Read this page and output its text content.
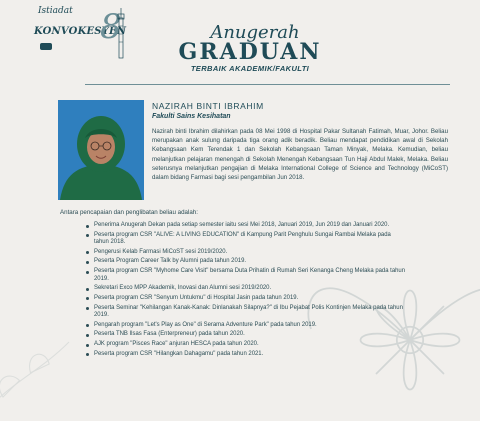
Istiadat
KONVOKESYEN
8	Anugerah
GRADUAN
TERBAIK AKADEMIK/FAKULTI
NAZIRAH BINTI IBRAHIM
Fakulti Sains Kesihatan
Nazirah binti Ibrahim dilahirkan pada 08 Mei 1998 di Hospital Pakar Sultanah Fatimah, Muar, Johor. Beliau merupakan anak sulung daripada tiga orang adik beradik. Beliau mendapat pendidikan awal di Sekolah Kebangsaan Kem Terendak 1 dan Sekolah Kebangsaan Taman Minyak, Melaka. Kemudian, beliau melanjutkan pelajaran menengah di Sekolah Menengah Kebangsaan Tun Haji Abdul Malek, Melaka. Beliau seterusnya melanjutkan pengajian di Melaka International College of Science and Technology (MiCoST) dalam bidang Farmasi bagi sesi pengambilan Jun 2018.
Antara pencapaian dan penglibatan beliau adalah:
Penerima Anugerah Dekan pada setiap semester iaitu sesi Mei 2018, Januari 2019, Jun 2019 dan Januari 2020.
Peserta program CSR "ALIVE: A LIVING EDUCATION" di Kampung Parit Penghulu Sungai Rambai Melaka pada tahun 2018.
Pengerusi Kelab Farmasi MiCoST sesi 2019/2020.
Peserta Program Career Talk by Alumni pada tahun 2019.
Peserta program CSR "Myhome Care Visit" bersama Duta Prihatin di Rumah Seri Kenanga Cheng Melaka pada tahun 2019.
Sekretari Exco MPP Akademik, Inovasi dan Alumni sesi 2019/2020.
Peserta program CSR "Senyum Untukmu" di Hospital Jasin pada tahun 2019.
Peserta Seminar "Kehilangan Kanak-Kanak: Dinlanakah Silapnya?" di Ibu Pejabat Polis Kontinjen Melaka pada tahun 2019.
Pengarah program "Let's Play as One" di Serama Adventure Park" pada tahun 2019.
Peserta TNB Ilsas Fasa (Enterpreneur) pada tahun 2020.
AJK program "Pisces Race" anjuran HESCA pada tahun 2020.
Peserta program CSR "Hilangkan Dahagamu" pada tahun 2021.
